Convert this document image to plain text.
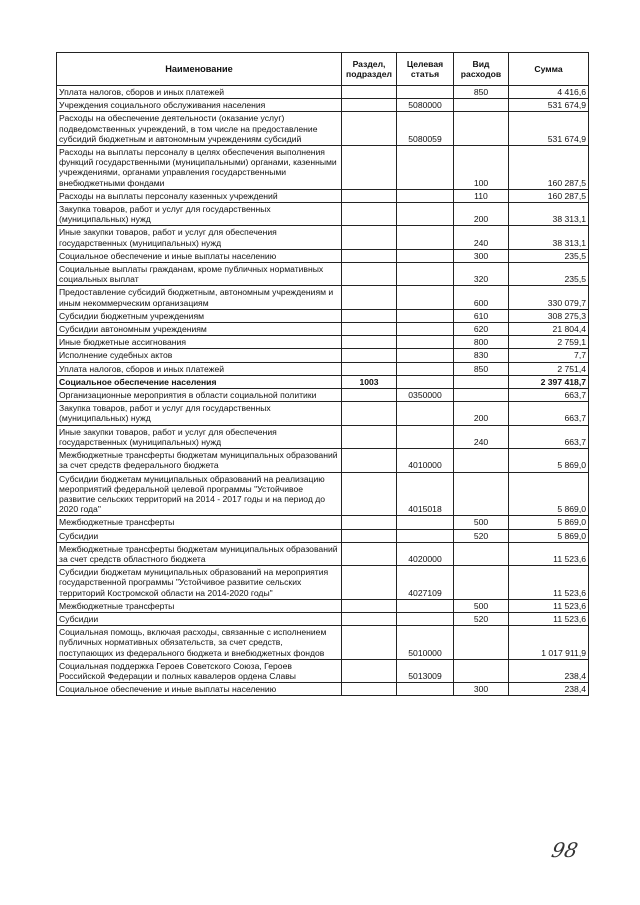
Наименование	Раздел, подраздел	Целевая статья	Вид расходов	Сумма
Уплата налогов, сборов и иных платежей			850	4 416,6
Учреждения социального обслуживания населения		5080000		531 674,9
Расходы на обеспечение деятельности (оказание услуг) подведомственных учреждений, в том числе на предоставление субсидий бюджетным и автономным учреждениям субсидий		5080059		531 674,9
Расходы на выплаты персоналу в целях обеспечения выполнения функций государственными (муниципальными) органами, казенными учреждениями, органами управления государственными внебюджетными фондами			100	160 287,5
Расходы на выплаты персоналу казенных учреждений			110	160 287,5
Закупка товаров, работ и услуг для государственных (муниципальных) нужд			200	38 313,1
Иные закупки товаров, работ и услуг для обеспечения государственных (муниципальных) нужд			240	38 313,1
Социальное обеспечение и иные выплаты населению			300	235,5
Социальные выплаты гражданам, кроме публичных нормативных социальных выплат			320	235,5
Предоставление субсидий бюджетным, автономным учреждениям и иным некоммерческим организациям			600	330 079,7
Субсидии бюджетным учреждениям			610	308 275,3
Субсидии автономным учреждениям			620	21 804,4
Иные бюджетные ассигнования			800	2 759,1
Исполнение судебных актов			830	7,7
Уплата налогов, сборов и иных платежей			850	2 751,4
Социальное обеспечение населения	1003			2 397 418,7
Организационные мероприятия в области социальной политики		0350000		663,7
Закупка товаров, работ и услуг для государственных (муниципальных) нужд			200	663,7
Иные закупки товаров, работ и услуг для обеспечения государственных (муниципальных) нужд			240	663,7
Межбюджетные трансферты бюджетам муниципальных образований за счет средств федерального бюджета		4010000		5 869,0
Субсидии бюджетам муниципальных образований на реализацию мероприятий федеральной целевой программы "Устойчивое развитие сельских территорий на 2014 - 2017 годы и на период до 2020 года"		4015018		5 869,0
Межбюджетные трансферты			500	5 869,0
Субсидии			520	5 869,0
Межбюджетные трансферты бюджетам муниципальных образований за счет средств областного бюджета		4020000		11 523,6
Субсидии бюджетам муниципальных образований на мероприятия государственной программы "Устойчивое развитие сельских территорий Костромской области на 2014-2020 годы"		4027109		11 523,6
Межбюджетные трансферты			500	11 523,6
Субсидии			520	11 523,6
Социальная помощь, включая расходы, связанные с исполнением публичных нормативных обязательств, за счет средств, поступающих из федерального бюджета и внебюджетных фондов		5010000		1 017 911,9
Социальная поддержка Героев Советского Союза, Героев Российской Федерации и полных кавалеров ордена Славы		5013009		238,4
Социальное обеспечение и иные выплаты населению			300	238,4
98
